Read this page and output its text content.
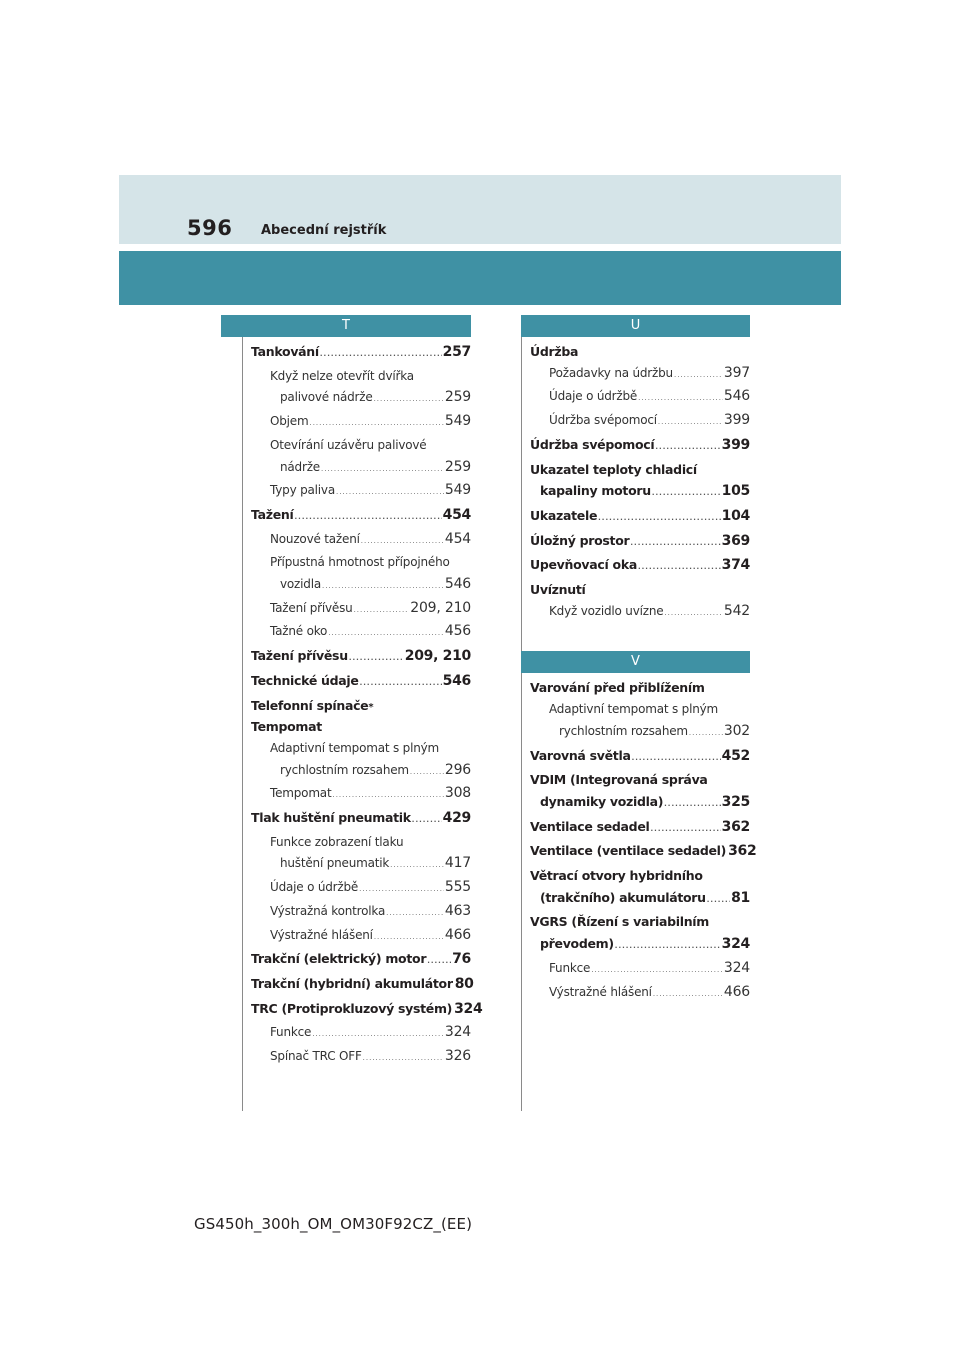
596 Abecední rejstřík
T
Tankování .....	257
Když nelze otevřít dvířka
palivové nádrže .....	259
Objem .....	549
Otevírání uzávěru palivové
nádrže .....	259
Typy paliva .....	549
Tažení .....	454
Nouzové tažení .....	454
Přípustná hmotnost přípojného
vozidla .....	546
Tažení přívěsu .....	209, 210
Tažné oko .....	456
Tažení přívěsu .....	209, 210
Technické údaje .....	546
Telefonní spínače *
Tempomat
Adaptivní tempomat s plným
rychlostním rozsahem .....	296
Tempomat .....	308
Tlak huštění pneumatik ..... 429
Funkce zobrazení tlaku
huštění pneumatik .....	417
Údaje o údržbě .....	555
Výstražná kontrolka .....	463
Výstražné hlášení .....	466
Trakční (elektrický) motor ..... 76
Trakční (hybridní) akumulátor 80
TRC (Protiprokluzový systém) 324
Funkce .....	324
Spínač TRC OFF .....	326
U
Údržba
Požadavky na údržbu .....	397
Údaje o údržbě .....	546
Údržba svépomocí .....	399
Údržba svépomocí .....	399
Ukazatel teploty chladicí
kapaliny motoru .....	105
Ukazatele .....	104
Úložný prostor .....	369
Upevňovací oka .....	374
Uvíznutí
Když vozidlo uvízne .....	542
V
Varování před přiblížením
Adaptivní tempomat s plným
rychlostním rozsahem .....	302
Varovná světla .....	452
VDIM (Integrovaná správa
dynamiky vozidla) .....	325
Ventilace sedadel .....	362
Ventilace (ventilace sedadel) 362
Větrací otvory hybridního
(trakčního) akumulátoru ..... 81
VGRS (Řízení s variabilním
převodem) .....	324
Funkce .....	324
Výstražné hlášení .....	466
GS450h_300h_OM_OM30F92CZ_(EE)
